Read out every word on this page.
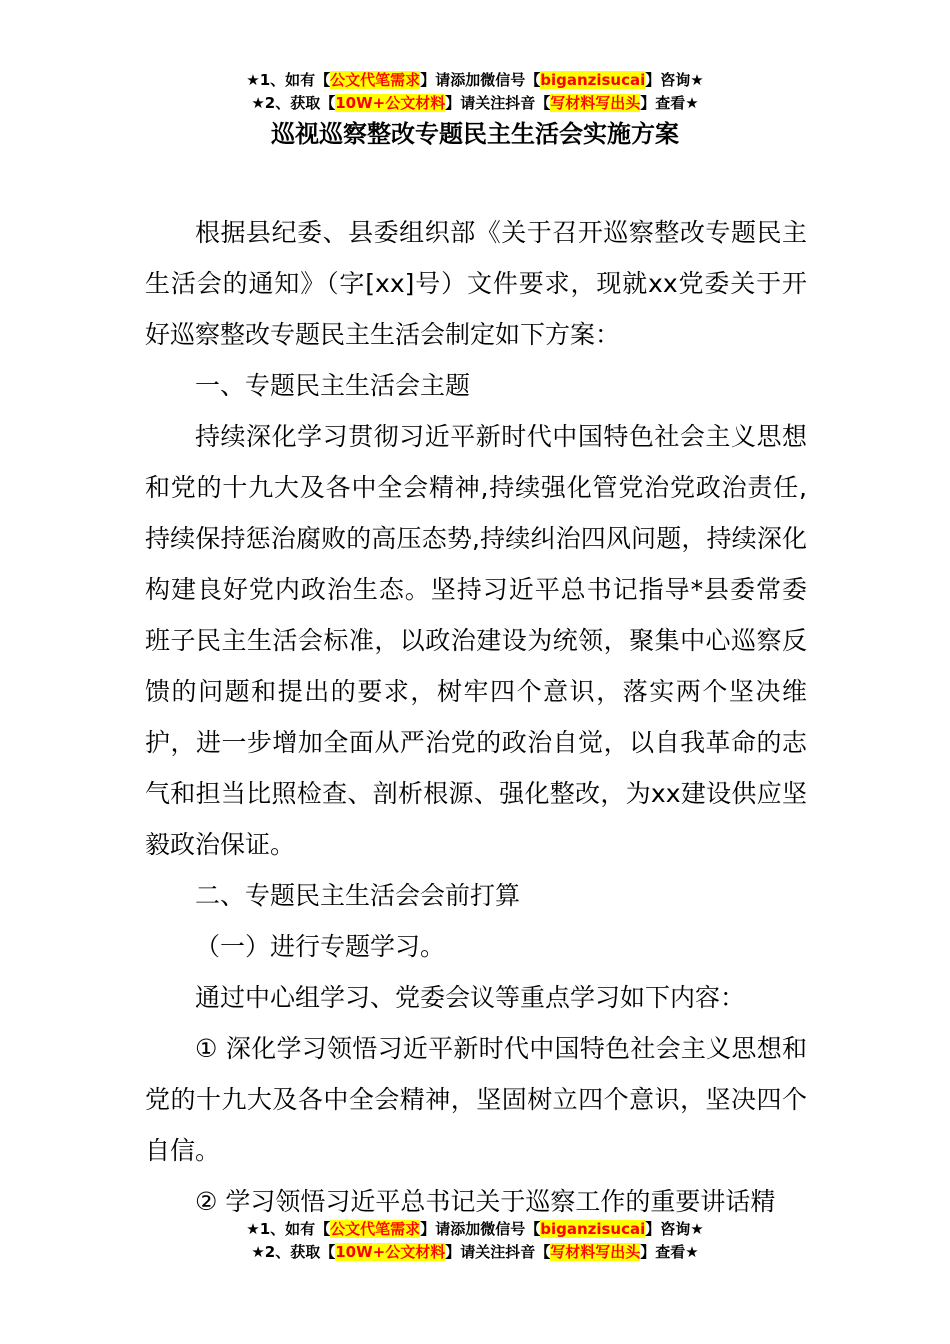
★1、如有【公文代笔需求】请添加微信号【biganzisucai】咨询★
★2、获取【10W+公文材料】请关注抖音【写材料写出头】查看★
巡视巡察整改专题民主生活会实施方案

根据县纪委、县委组织部《关于召开巡察整改专题民主生活会的通知》（字[xx]号）文件要求，现就xx党委关于开好巡察整改专题民主生活会制定如下方案：

一、专题民主生活会主题

持续深化学习贯彻习近平新时代中国特色社会主义思想和党的十九大及各中全会精神,持续强化管党治党政治责任,持续保持惩治腐败的高压态势,持续纠治四风问题，持续深化构建良好党内政治生态。坚持习近平总书记指导*县委常委班子民主生活会标准，以政治建设为统领，聚集中心巡察反馈的问题和提出的要求，树牢四个意识，落实两个坚决维护，进一步增加全面从严治党的政治自觉，以自我革命的志气和担当比照检查、剖析根源、强化整改，为xx建设供应坚毅政治保证。

二、专题民主生活会会前打算

（一）进行专题学习。

通过中心组学习、党委会议等重点学习如下内容：

① 深化学习领悟习近平新时代中国特色社会主义思想和党的十九大及各中全会精神，坚固树立四个意识，坚决四个自信。

② 学习领悟习近平总书记关于巡察工作的重要讲话精

★1、如有【公文代笔需求】请添加微信号【biganzisucai】咨询★
★2、获取【10W+公文材料】请关注抖音【写材料写出头】查看★
